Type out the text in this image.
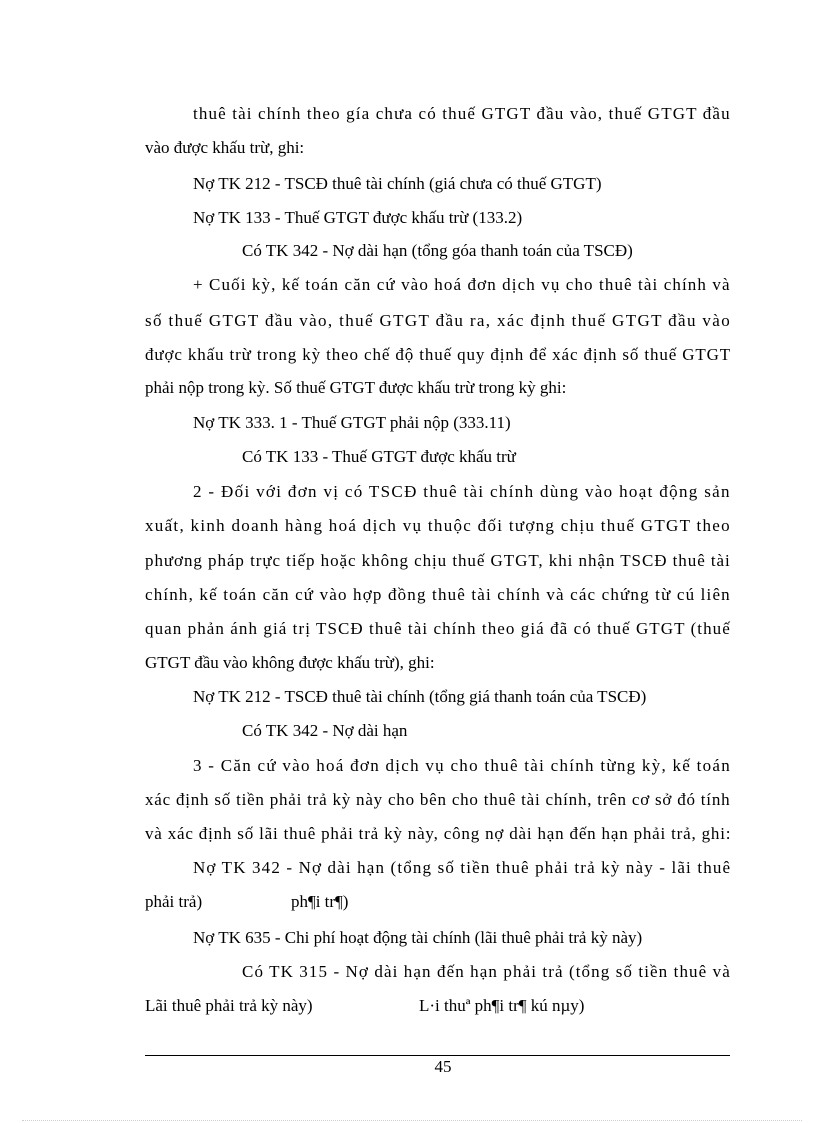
thuê tài chính theo gía chưa có thuế GTGT đầu vào, thuế GTGT đầu
vào được khấu trừ, ghi:
Nợ TK 212 - TSCĐ thuê tài chính (giá chưa có thuế GTGT)
Nợ TK 133 - Thuế GTGT được khấu trừ (133.2)
Có TK 342 - Nợ dài hạn (tổng góa thanh toán của TSCĐ)
+ Cuối kỳ, kế toán căn cứ vào hoá đơn dịch vụ cho thuê tài chính và
số thuế GTGT đầu vào, thuế GTGT đầu ra, xác định thuế GTGT đầu vào
được khấu trừ trong kỳ theo chế độ thuế quy định để xác định số thuế GTGT
phải nộp trong kỳ. Số thuế GTGT được khấu trừ trong kỳ ghi:
Nợ TK 333. 1 - Thuế GTGT phải nộp (333.11)
Có TK 133 - Thuế GTGT được khấu trừ
2 - Đối với đơn vị có TSCĐ thuê tài chính dùng vào hoạt động sản
xuất, kinh doanh hàng hoá dịch vụ thuộc đối tượng chịu thuế GTGT theo
phương pháp trực tiếp hoặc không chịu thuế GTGT, khi nhận TSCĐ thuê tài
chính, kế toán căn cứ vào hợp đồng thuê tài chính và các chứng từ cú liên
quan phản ánh giá trị TSCĐ thuê tài chính theo giá đã có thuế GTGT (thuế
GTGT đầu vào không được khấu trừ), ghi:
Nợ TK 212 - TSCĐ thuê tài chính (tổng giá thanh toán của TSCĐ)
Có TK 342 - Nợ dài hạn
3 - Căn cứ vào hoá đơn dịch vụ cho thuê tài chính từng kỳ, kế toán
xác định số tiền phải trả kỳ này cho bên cho thuê tài chính, trên cơ sở đó tính
và xác định số lãi thuê phải trả kỳ này, công nợ dài hạn đến hạn phải trả, ghi:
Nợ TK 342 - Nợ dài hạn (tổng số tiền thuê phải trả kỳ này - lãi thuê
phải trả)	ph¶i tr¶)
Nợ TK 635 - Chi phí hoạt động tài chính (lãi thuê phải trả kỳ này)
Có TK 315 - Nợ dài hạn đến hạn phải trả (tổng số tiền thuê và
Lãi thuê phải trả kỳ này)	L·i thuª ph¶i tr¶ kú nµy)
45
